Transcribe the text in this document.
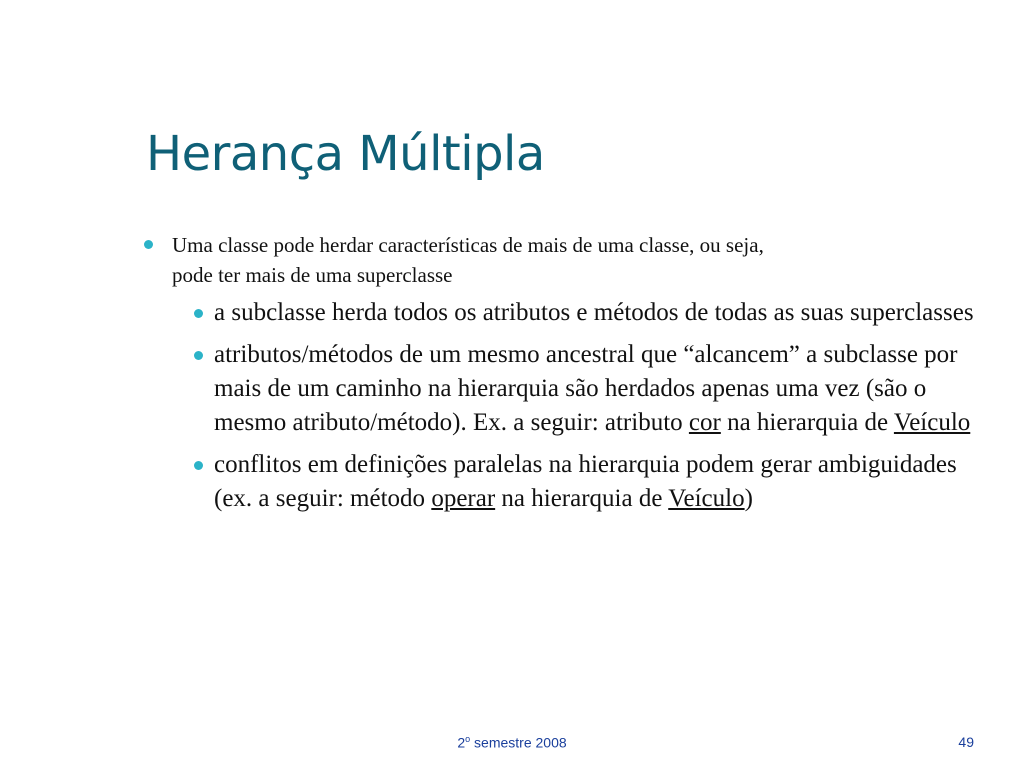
Herança Múltipla
Uma classe pode herdar características de mais de uma classe, ou seja,
pode ter mais de uma superclasse
a subclasse herda todos os atributos e métodos de todas as suas superclasses
atributos/métodos de um mesmo ancestral que “alcancem” a subclasse por mais de um caminho na hierarquia são herdados apenas uma vez (são o mesmo atributo/método). Ex. a seguir: atributo cor na hierarquia de Veículo
conflitos em definições paralelas na hierarquia podem gerar ambiguidades (ex. a seguir: método operar na hierarquia de Veículo)
2$^o$ semestre 2008	49
